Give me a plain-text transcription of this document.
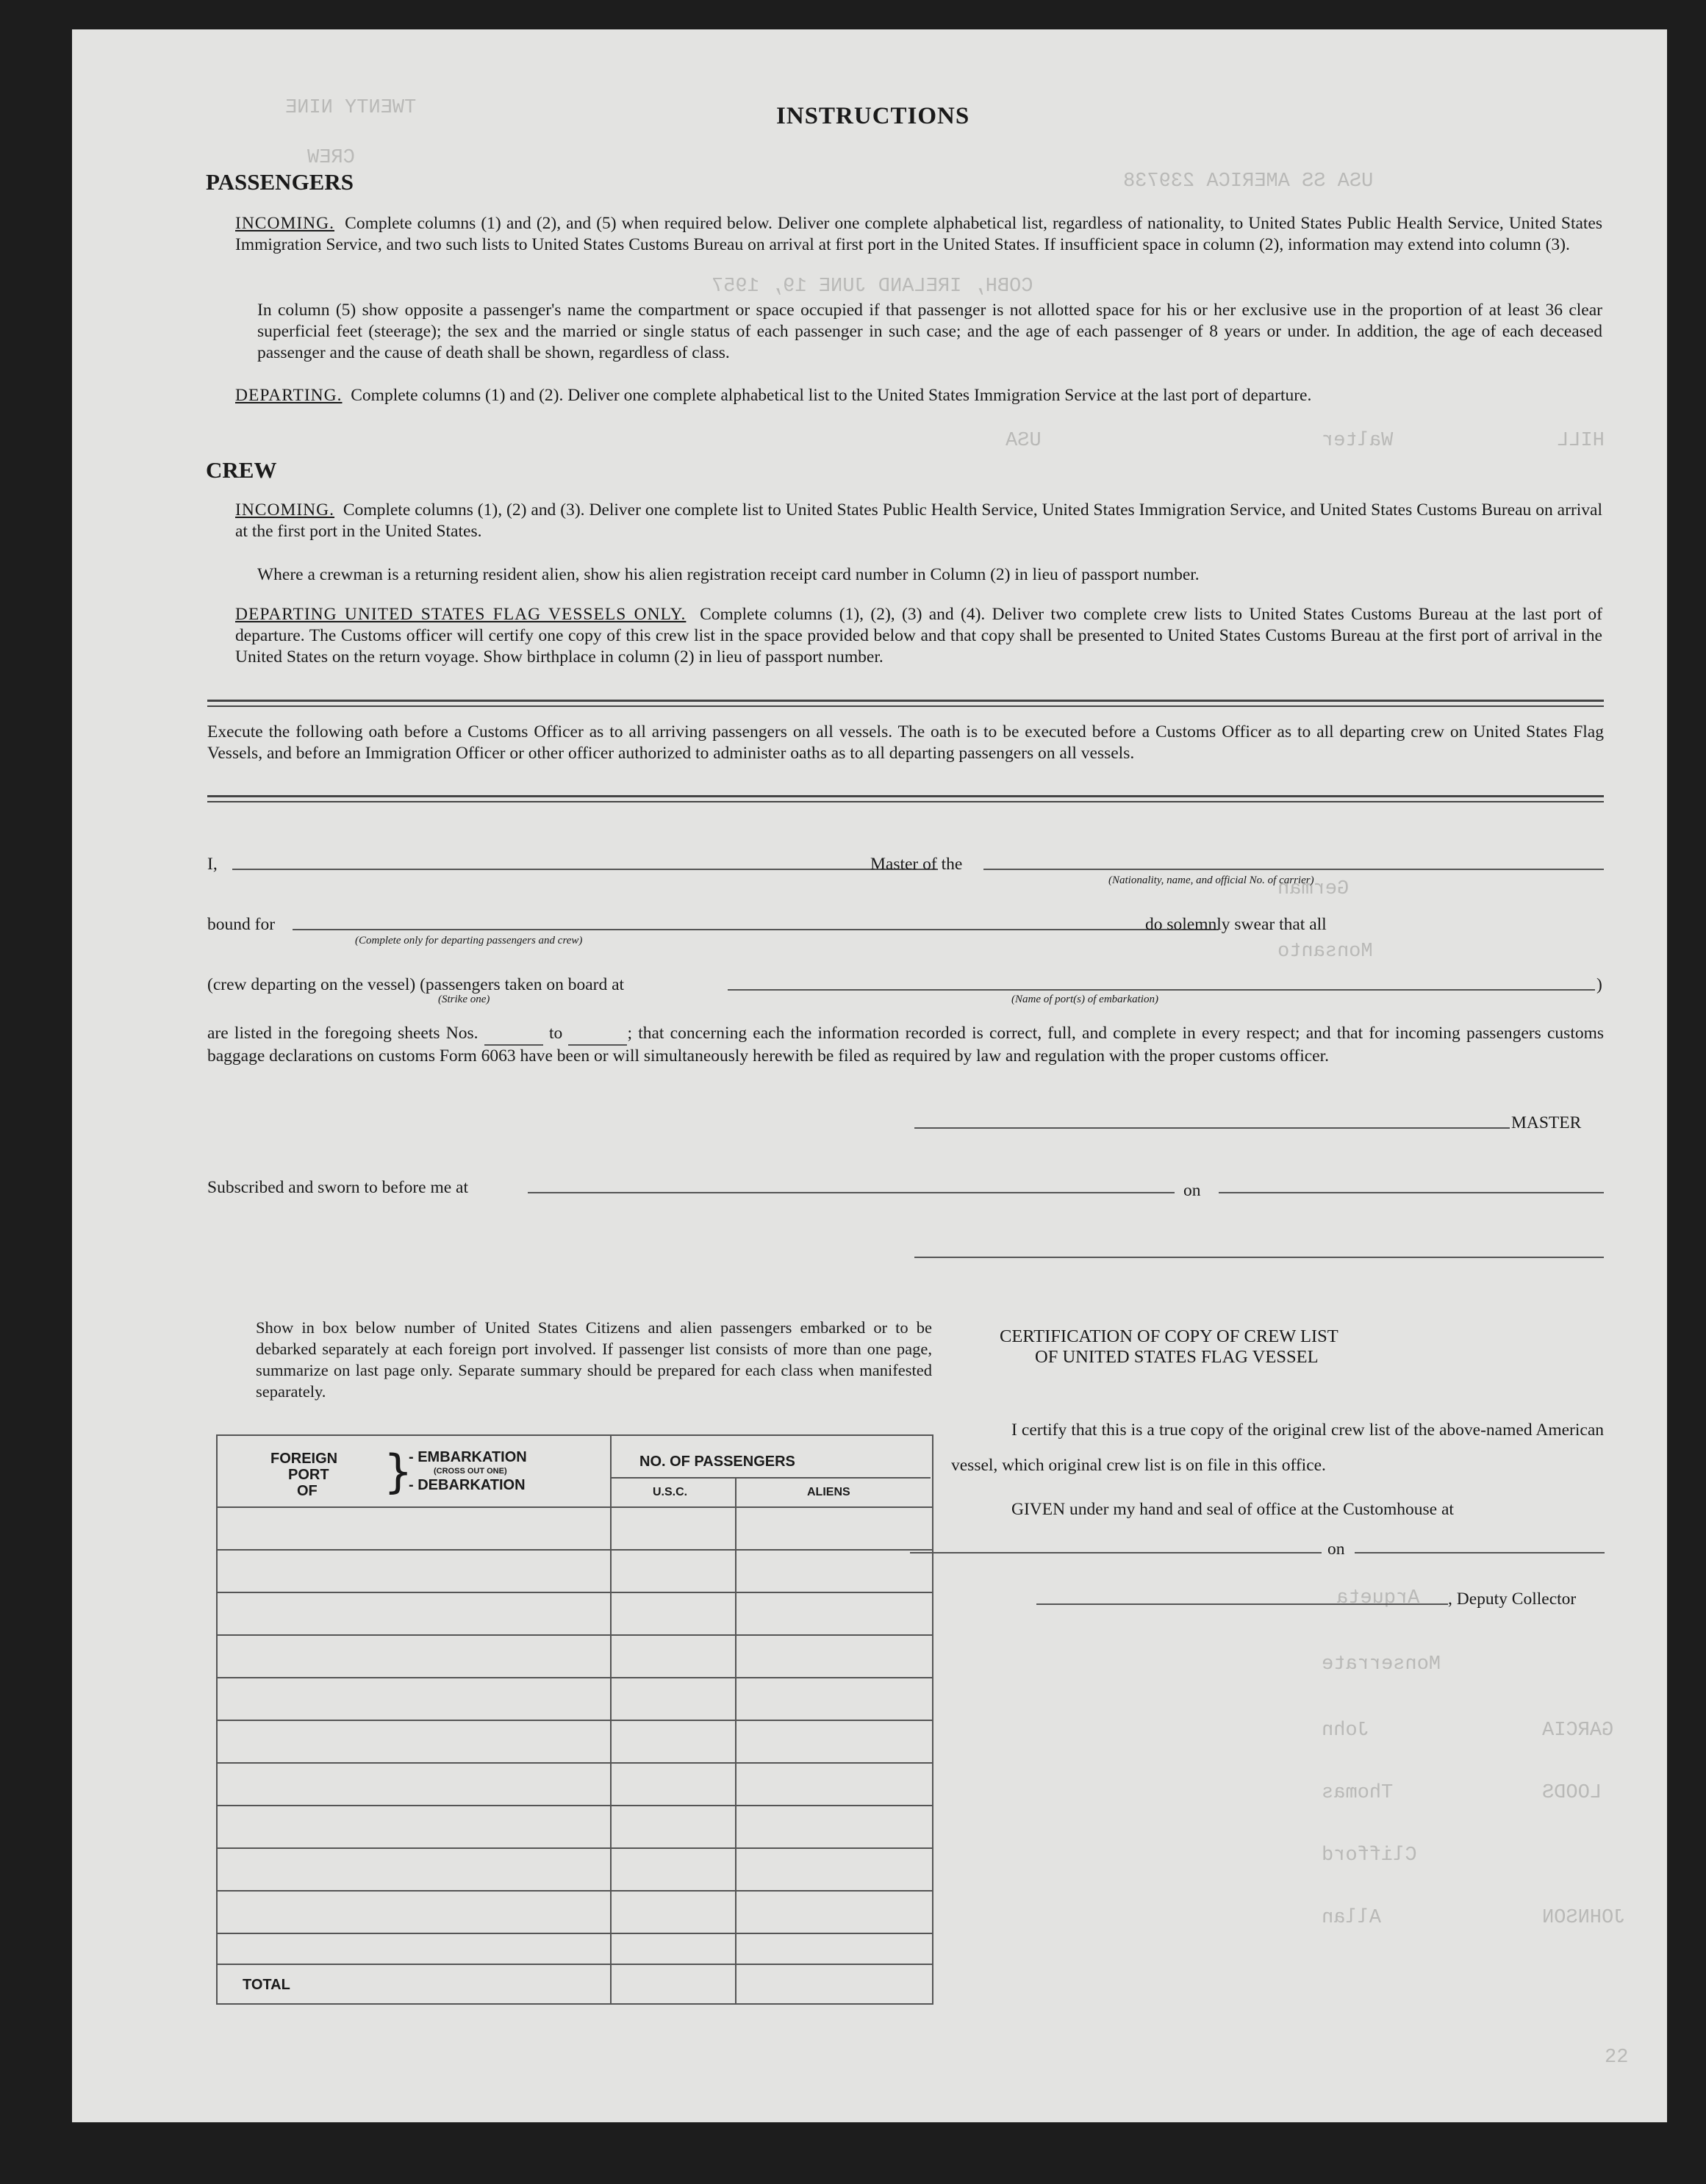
TWENTY NINE
CREW
USA SS AMERICA 239738
COBH, IRELAND JUNE 19, 1957
Walter
USA	HILL
German
Monsanto
Arqueta
Monserrate
John
Thomas
Clifford
Allan
GARCIA
LOODS
JOHNSON
22
INSTRUCTIONS
PASSENGERS
INCOMING. Complete columns (1) and (2), and (5) when required below. Deliver one complete alphabetical list, regardless of nationality, to United States Public Health Service, United States Immigration Service, and two such lists to United States Customs Bureau on arrival at first port in the United States. If insufficient space in column (2), information may extend into column (3).
In column (5) show opposite a passenger's name the compartment or space occupied if that passenger is not allotted space for his or her exclusive use in the proportion of at least 36 clear superficial feet (steerage); the sex and the married or single status of each passenger in such case; and the age of each passenger of 8 years or under. In addition, the age of each deceased passenger and the cause of death shall be shown, regardless of class.
DEPARTING. Complete columns (1) and (2). Deliver one complete alphabetical list to the United States Immigration Service at the last port of departure.
CREW
INCOMING. Complete columns (1), (2) and (3). Deliver one complete list to United States Public Health Service, United States Immigration Service, and United States Customs Bureau on arrival at the first port in the United States.
Where a crewman is a returning resident alien, show his alien registration receipt card number in Column (2) in lieu of passport number.
DEPARTING UNITED STATES FLAG VESSELS ONLY. Complete columns (1), (2), (3) and (4). Deliver two complete crew lists to United States Customs Bureau at the last port of departure. The Customs officer will certify one copy of this crew list in the space provided below and that copy shall be presented to United States Customs Bureau at the first port of arrival in the United States on the return voyage. Show birthplace in column (2) in lieu of passport number.
Execute the following oath before a Customs Officer as to all arriving passengers on all vessels. The oath is to be executed before a Customs Officer as to all departing crew on United States Flag Vessels, and before an Immigration Officer or other officer authorized to administer oaths as to all departing passengers on all vessels.
I,	Master of the
(Nationality, name, and official No. of carrier)
bound for
(Complete only for departing passengers and crew)
do solemnly swear that all
(crew departing on the vessel) (passengers taken on board at	)
(Strike one)	(Name of port(s) of embarkation)
are listed in the foregoing sheets Nos.	to	; that concerning each the information recorded is correct, full, and complete in every respect; and that for incoming passengers customs baggage declarations on customs Form 6063 have been or will simultaneously herewith be filed as required by law and regulation with the proper customs officer.
MASTER
Subscribed and sworn to before me at	on
Show in box below number of United States Citizens and alien passengers embarked or to be debarked separately at each foreign port involved. If passenger list consists of more than one page, summarize on last page only. Separate summary should be prepared for each class when manifested separately.
FOREIGN
PORT
OF }
- EMBARKATION
(CROSS OUT ONE)
- DEBARKATION
NO. OF PASSENGERS
U.S.C.	ALIENS
TOTAL
CERTIFICATION OF COPY OF CREW LIST
OF UNITED STATES FLAG VESSEL
I certify that this is a true copy of the original crew list of the above-named American vessel, which original crew list is on file in this office.
GIVEN under my hand and seal of office at the Customhouse at
on
, Deputy Collector
